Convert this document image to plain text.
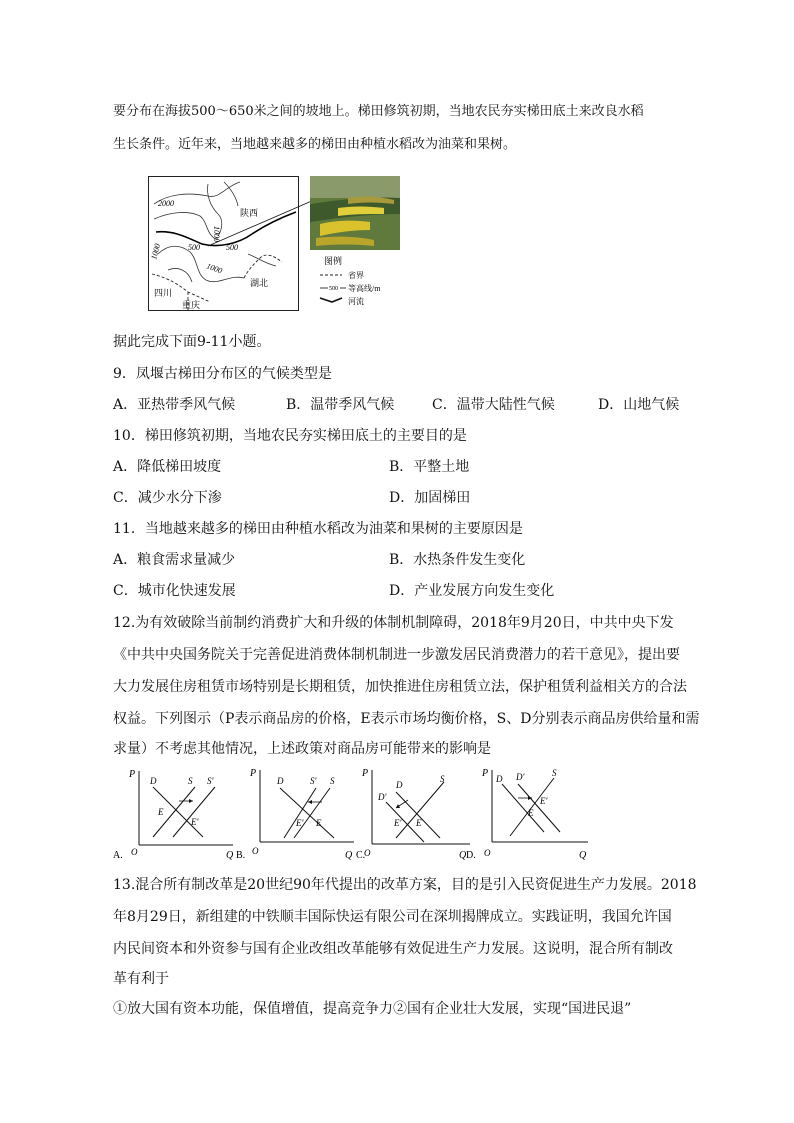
要分布在海拔500～650米之间的坡地上。梯田修筑初期，当地农民夯实梯田底土来改良水稻
生长条件。近年来，当地越来越多的梯田由种植水稻改为油菜和果树。
2000
1000
陕西
500	500
1000
1000
湖北
四川
重庆
图例
省界
500 等高线/m
河流
据此完成下面9-11小题。
9．凤堰古梯田分布区的气候类型是
A．亚热带季风气候	B．温带季风气候	C．温带大陆性气候	D．山地气候
10．梯田修筑初期，当地农民夯实梯田底土的主要目的是
A．降低梯田坡度	B．平整土地
C．减少水分下渗	D．加固梯田
11．当地越来越多的梯田由种植水稻改为油菜和果树的主要原因是
A．粮食需求量减少	B．水热条件发生变化
C．城市化快速发展	D．产业发展方向发生变化
12.为有效破除当前制约消费扩大和升级的体制机制障碍，2018年9月20日，中共中央下发
《中共中央国务院关于完善促进消费体制机制进一步激发居民消费潜力的若干意见》，提出要
大力发展住房租赁市场特别是长期租赁，加快推进住房租赁立法，保护租赁利益相关方的合法
权益。下列图示（P表示商品房的价格，E表示市场均衡价格，S、D分别表示商品房供给量和需
求量）不考虑其他情况，上述政策对商品房可能带来的影响是
A.
P
O	Q
D	S S'
E
E'
B.
P
O	Q
D	S' S
E' E
C.
P
O	Q
D
D'
S
E' E
D.
P
O	Q
D D'	S
E
E'
13.混合所有制改革是20世纪90年代提出的改革方案，目的是引入民资促进生产力发展。2018
年8月29日，新组建的中铁顺丰国际快运有限公司在深圳揭牌成立。实践证明，我国允许国
内民间资本和外资参与国有企业改组改革能够有效促进生产力发展。这说明，混合所有制改
革有利于
①放大国有资本功能，保值增值，提高竞争力②国有企业壮大发展，实现“国进民退”
